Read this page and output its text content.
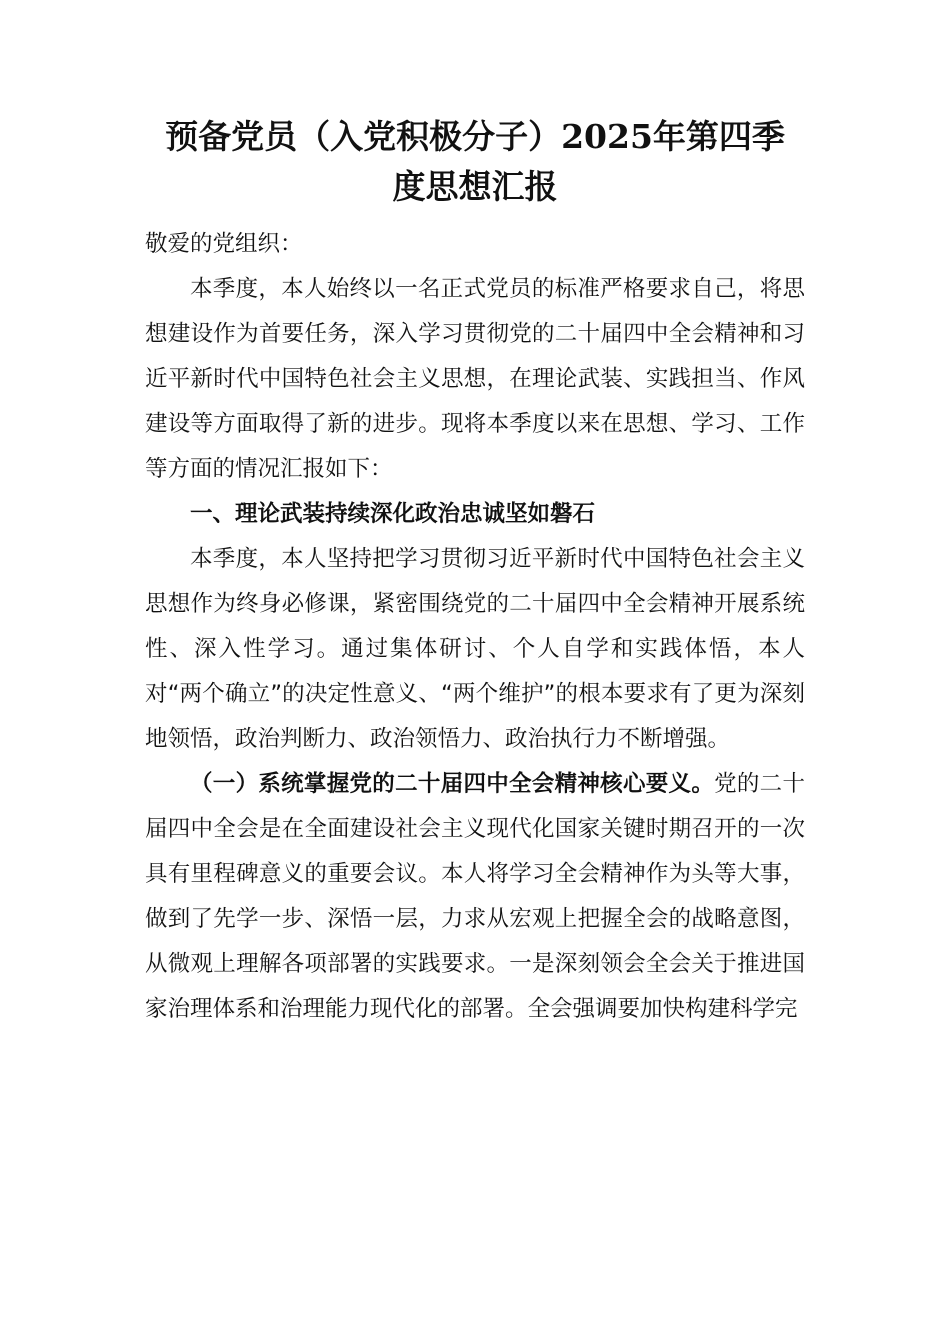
预备党员（入党积极分子）2025年第四季
度思想汇报

敬爱的党组织：

本季度，本人始终以一名正式党员的标准严格要求自己，将思想建设作为首要任务，深入学习贯彻党的二十届四中全会精神和习近平新时代中国特色社会主义思想，在理论武装、实践担当、作风建设等方面取得了新的进步。现将本季度以来在思想、学习、工作等方面的情况汇报如下：

一、理论武装持续深化政治忠诚坚如磐石

本季度，本人坚持把学习贯彻习近平新时代中国特色社会主义思想作为终身必修课，紧密围绕党的二十届四中全会精神开展系统性、深入性学习。通过集体研讨、个人自学和实践体悟，本人对“两个确立”的决定性意义、“两个维护”的根本要求有了更为深刻地领悟，政治判断力、政治领悟力、政治执行力不断增强。

（一）系统掌握党的二十届四中全会精神核心要义。党的二十届四中全会是在全面建设社会主义现代化国家关键时期召开的一次具有里程碑意义的重要会议。本人将学习全会精神作为头等大事，做到了先学一步、深悟一层，力求从宏观上把握全会的战略意图，从微观上理解各项部署的实践要求。一是深刻领会全会关于推进国家治理体系和治理能力现代化的部署。全会强调要加快构建科学完
